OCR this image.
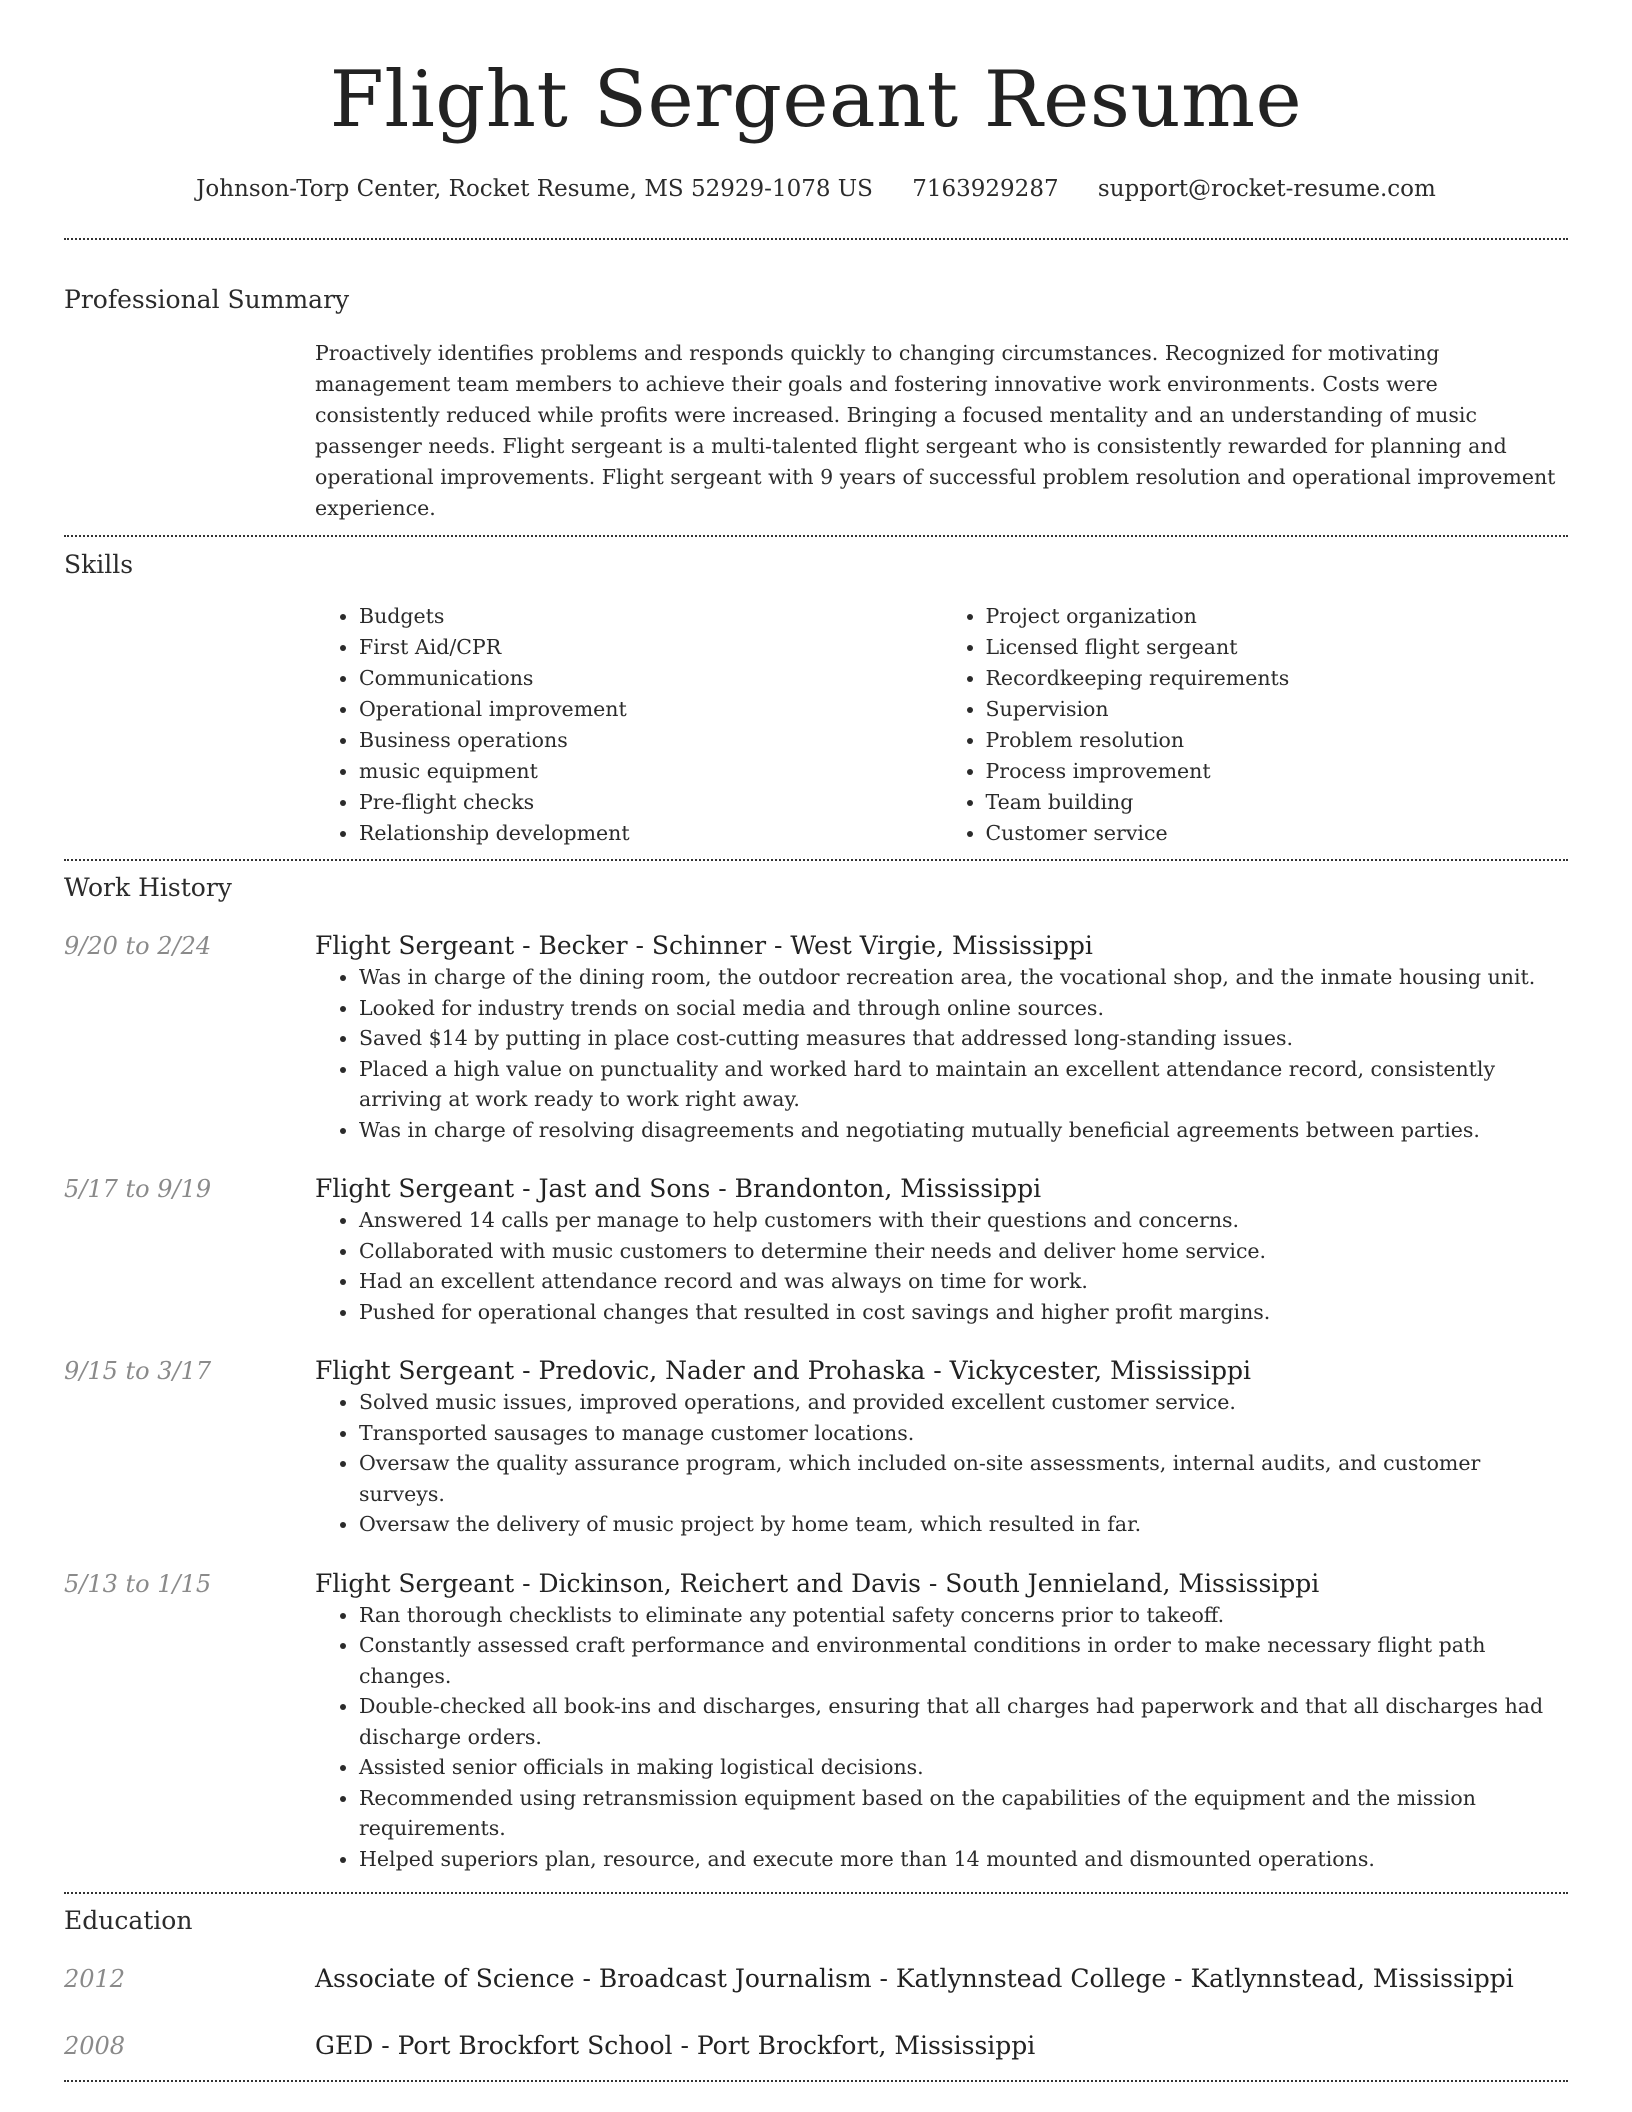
Flight Sergeant Resume
Johnson-Torp Center, Rocket Resume, MS 52929-1078 US 7163929287 support@rocket-resume.com
Professional Summary

Proactively identifies problems and responds quickly to changing circumstances. Recognized for motivating management team members to achieve their goals and fostering innovative work environments. Costs were consistently reduced while profits were increased. Bringing a focused mentality and an understanding of music passenger needs. Flight sergeant is a multi-talented flight sergeant who is consistently rewarded for planning and operational improvements. Flight sergeant with 9 years of successful problem resolution and operational improvement experience.

Skills
• Budgets
• First Aid/CPR
• Communications
• Operational improvement
• Business operations
• music equipment
• Pre-flight checks
• Relationship development
• Project organization
• Licensed flight sergeant
• Recordkeeping requirements
• Supervision
• Problem resolution
• Process improvement
• Team building
• Customer service
Work History
9/20 to 2/24	Flight Sergeant - Becker - Schinner - West Virgie, Mississippi
• Was in charge of the dining room, the outdoor recreation area, the vocational shop, and the inmate housing unit.
• Looked for industry trends on social media and through online sources.
• Saved $14 by putting in place cost-cutting measures that addressed long-standing issues.
• Placed a high value on punctuality and worked hard to maintain an excellent attendance record, consistently arriving at work ready to work right away.
• Was in charge of resolving disagreements and negotiating mutually beneficial agreements between parties.
5/17 to 9/19	Flight Sergeant - Jast and Sons - Brandonton, Mississippi
• Answered 14 calls per manage to help customers with their questions and concerns.
• Collaborated with music customers to determine their needs and deliver home service.
• Had an excellent attendance record and was always on time for work.
• Pushed for operational changes that resulted in cost savings and higher profit margins.
9/15 to 3/17	Flight Sergeant - Predovic, Nader and Prohaska - Vickycester, Mississippi
• Solved music issues, improved operations, and provided excellent customer service.
• Transported sausages to manage customer locations.
• Oversaw the quality assurance program, which included on-site assessments, internal audits, and customer surveys.
• Oversaw the delivery of music project by home team, which resulted in far.
5/13 to 1/15	Flight Sergeant - Dickinson, Reichert and Davis - South Jennieland, Mississippi
• Ran thorough checklists to eliminate any potential safety concerns prior to takeoff.
• Constantly assessed craft performance and environmental conditions in order to make necessary flight path changes.
• Double-checked all book-ins and discharges, ensuring that all charges had paperwork and that all discharges had discharge orders.
• Assisted senior officials in making logistical decisions.
• Recommended using retransmission equipment based on the capabilities of the equipment and the mission requirements.
• Helped superiors plan, resource, and execute more than 14 mounted and dismounted operations.
Education
2012	Associate of Science - Broadcast Journalism - Katlynnstead College - Katlynnstead, Mississippi
2008	GED - Port Brockfort School - Port Brockfort, Mississippi
